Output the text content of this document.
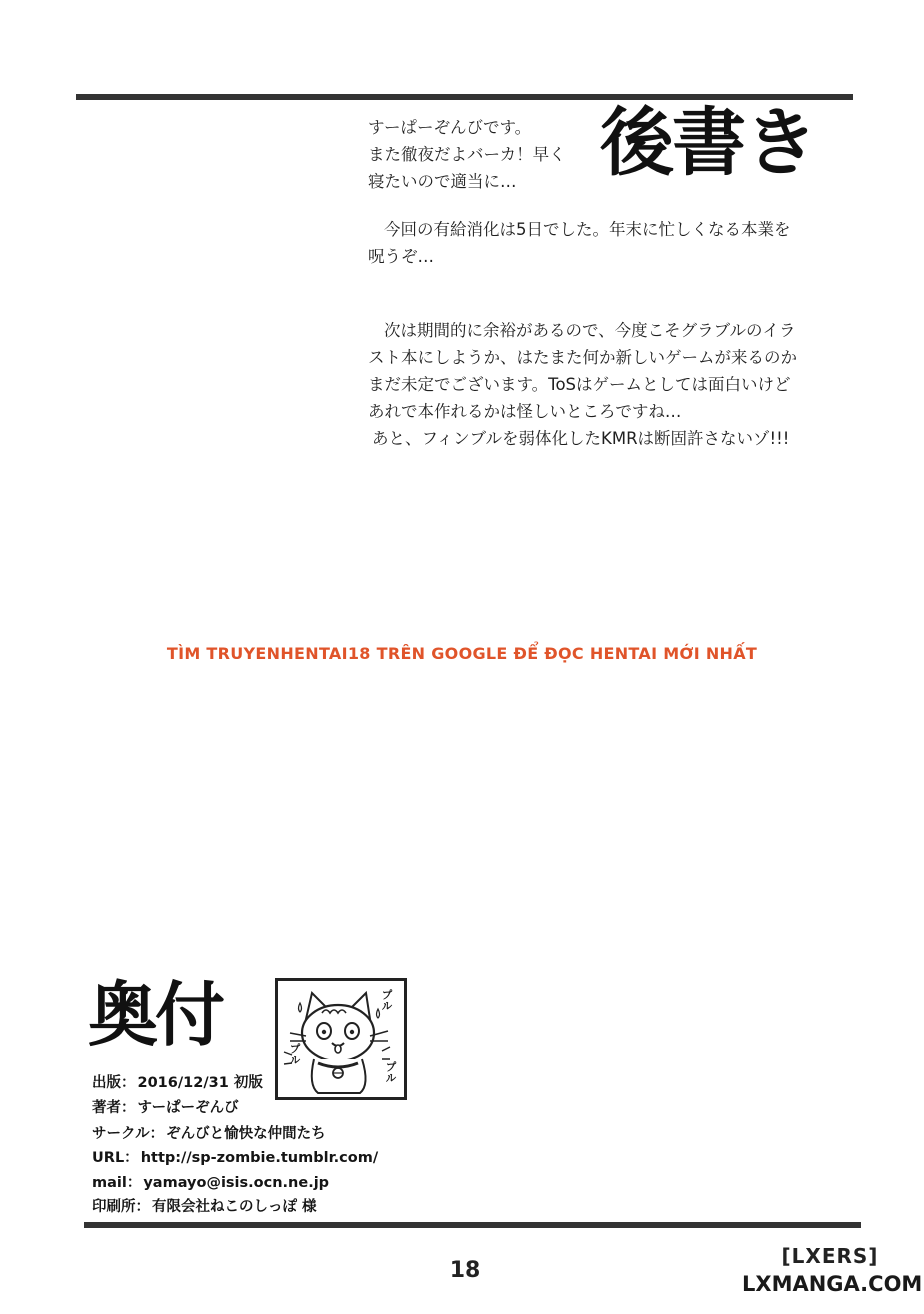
後書き
すーぱーぞんびです。
また徹夜だよバーカ！早く
寝たいので適当に…
今回の有給消化は5日でした。年末に忙しくなる本業を
呪うぞ…
次は期間的に余裕があるので、今度こそグラブルのイラ
スト本にしようか、はたまた何か新しいゲームが来るのか
まだ未定でございます。ToSはゲームとしては面白いけど
あれで本作れるかは怪しいところですね…
あと、フィンブルを弱体化したKMRは断固許さないゾ!!!
TÌM TRUYENHENTAI18 TRÊN GOOGLE ĐỂ ĐỌC HENTAI MỚI NHẤT
奥付	プル
プル
プル
出版： 2016/12/31 初版
著者： すーぱーぞんび
サークル： ぞんびと愉快な仲間たち
URL： http://sp-zombie.tumblr.com/
mail： yamayo@isis.ocn.ne.jp
印刷所： 有限会社ねこのしっぽ 様
18
[LXERS]
LXMANGA.COM
